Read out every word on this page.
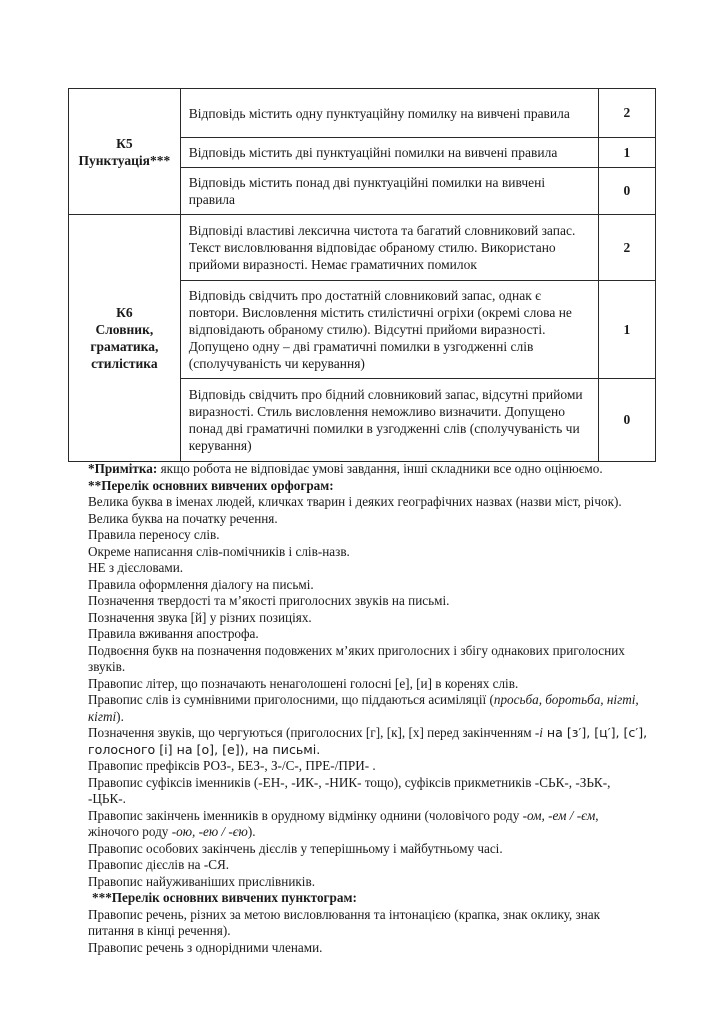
К5
Пунктуація***	Відповідь містить одну пунктуаційну помилку на вивчені правила	2
	Відповідь містить дві пунктуаційні помилки на вивчені правила	1
	Відповідь містить понад дві пунктуаційні помилки на вивчені правила	0

К6
Словник,
граматика,
стилістика	Відповіді властиві лексична чистота та багатий словниковий запас. Текст висловлювання відповідає обраному стилю. Використано прийоми виразності. Немає граматичних помилок	2
	Відповідь свідчить про достатній словниковий запас, однак є повтори. Висловлення містить стилістичні огріхи (окремі слова не відповідають обраному стилю). Відсутні прийоми виразності. Допущено одну – дві граматичні помилки в узгодженні слів (сполучуваність чи керування)	1
	Відповідь свідчить про бідний словниковий запас, відсутні прийоми виразності. Стиль висловлення неможливо визначити. Допущено понад дві граматичні помилки в узгодженні слів (сполучуваність чи керування)	0

*Примітка: якщо робота не відповідає умові завдання, інші складники все одно оцінюємо.

**Перелік основних вивчених орфограм:

Велика буква в іменах людей, кличках тварин і деяких географічних назвах (назви міст, річок).

Велика буква на початку речення.

Правила переносу слів.

Окреме написання слів-помічників і слів-назв.

НЕ з дієсловами.

Правила оформлення діалогу на письмі.

Позначення твердості та м’якості приголосних звуків на письмі.

Позначення звука [й] у різних позиціях.

Правила вживання апострофа.

Подвоєння букв на позначення подовжених м’яких приголосних і збігу однакових приголосних звуків.

Правопис літер, що позначають ненаголошені голосні [е], [и] в коренях слів.

Правопис слів із сумнівними приголосними, що піддаються асиміляції (просьба, боротьба, нігті, кігті).

Позначення звуків, що чергуються (приголосних [г], [к], [х] перед закінченням -і на [з′], [ц′], [с′], голосного [і] на [о], [е]), на письмі.

Правопис префіксів РОЗ-, БЕЗ-, З-/С-, ПРЕ-/ПРИ- .

Правопис суфіксів іменників (-ЕН-, -ИК-, -НИК- тощо), суфіксів прикметників -СЬК-, -ЗЬК-, -ЦЬК-.

Правопис закінчень іменників в орудному відмінку однини (чоловічого роду -ом, -ем / -єм, жіночого роду -ою, -ею / -єю).

Правопис особових закінчень дієслів у теперішньому і майбутньому часі.

Правопис дієслів на -СЯ.

Правопис найуживаніших прислівників.

***Перелік основних вивчених пунктограм:

Правопис речень, різних за метою висловлювання та інтонацією (крапка, знак оклику, знак питання в кінці речення).

Правопис речень з однорідними членами.
